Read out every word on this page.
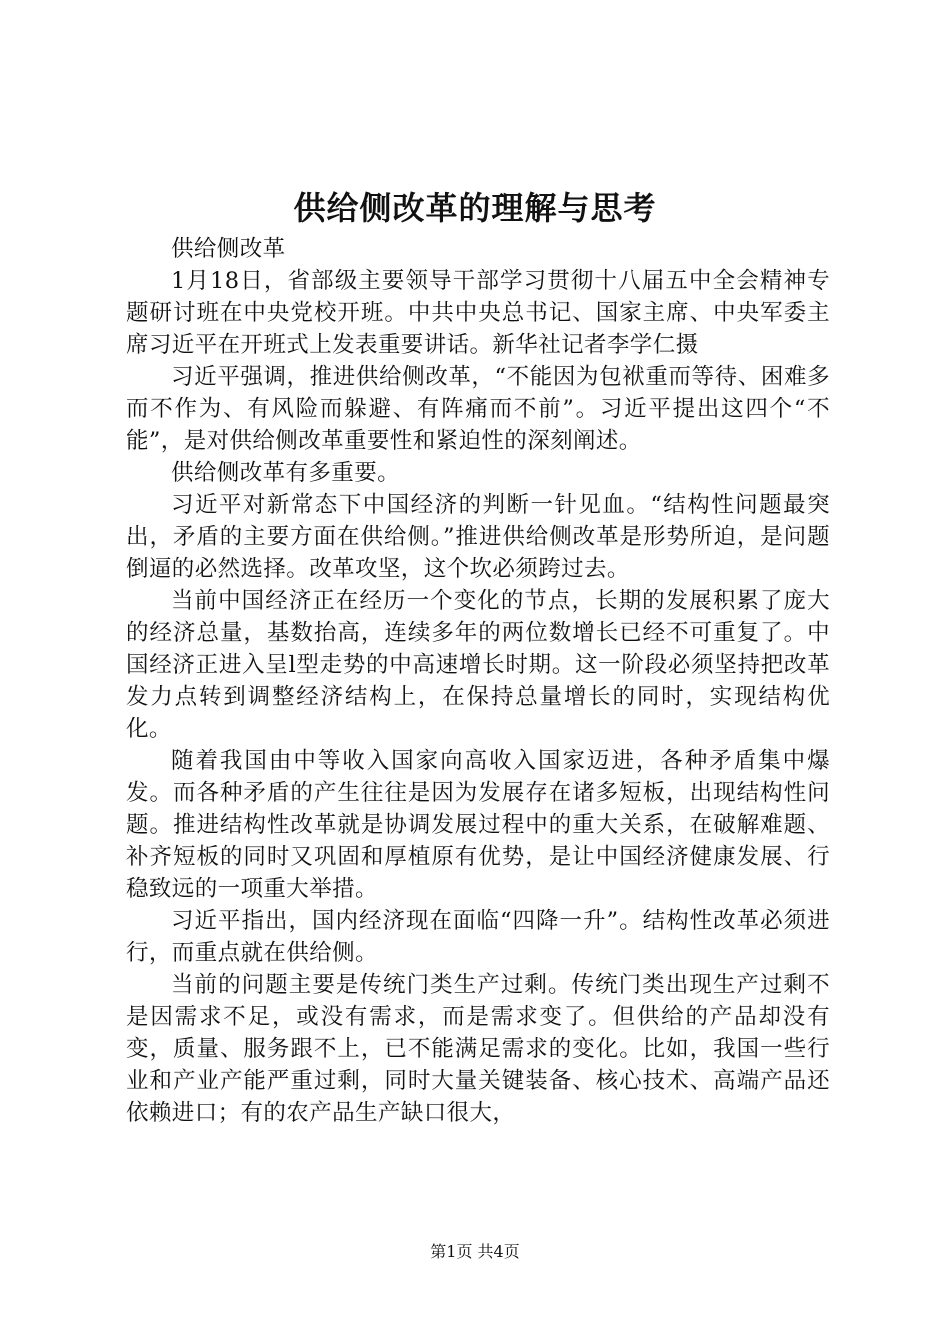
供给侧改革的理解与思考

供给侧改革

1月18日，省部级主要领导干部学习贯彻十八届五中全会精神专题研讨班在中央党校开班。中共中央总书记、国家主席、中央军委主席习近平在开班式上发表重要讲话。新华社记者李学仁摄

习近平强调，推进供给侧改革，“不能因为包袱重而等待、困难多而不作为、有风险而躲避、有阵痛而不前”。习近平提出这四个“不能”，是对供给侧改革重要性和紧迫性的深刻阐述。

供给侧改革有多重要。

习近平对新常态下中国经济的判断一针见血。“结构性问题最突出，矛盾的主要方面在供给侧。”推进供给侧改革是形势所迫，是问题倒逼的必然选择。改革攻坚，这个坎必须跨过去。

当前中国经济正在经历一个变化的节点，长期的发展积累了庞大的经济总量，基数抬高，连续多年的两位数增长已经不可重复了。中国经济正进入呈l型走势的中高速增长时期。这一阶段必须坚持把改革发力点转到调整经济结构上，在保持总量增长的同时，实现结构优化。

随着我国由中等收入国家向高收入国家迈进，各种矛盾集中爆发。而各种矛盾的产生往往是因为发展存在诸多短板，出现结构性问题。推进结构性改革就是协调发展过程中的重大关系，在破解难题、补齐短板的同时又巩固和厚植原有优势，是让中国经济健康发展、行稳致远的一项重大举措。

习近平指出，国内经济现在面临“四降一升”。结构性改革必须进行，而重点就在供给侧。

当前的问题主要是传统门类生产过剩。传统门类出现生产过剩不是因需求不足，或没有需求，而是需求变了。但供给的产品却没有变，质量、服务跟不上，已不能满足需求的变化。比如，我国一些行业和产业产能严重过剩，同时大量关键装备、核心技术、高端产品还依赖进口；有的农产品生产缺口很大，

第1页 共4页
